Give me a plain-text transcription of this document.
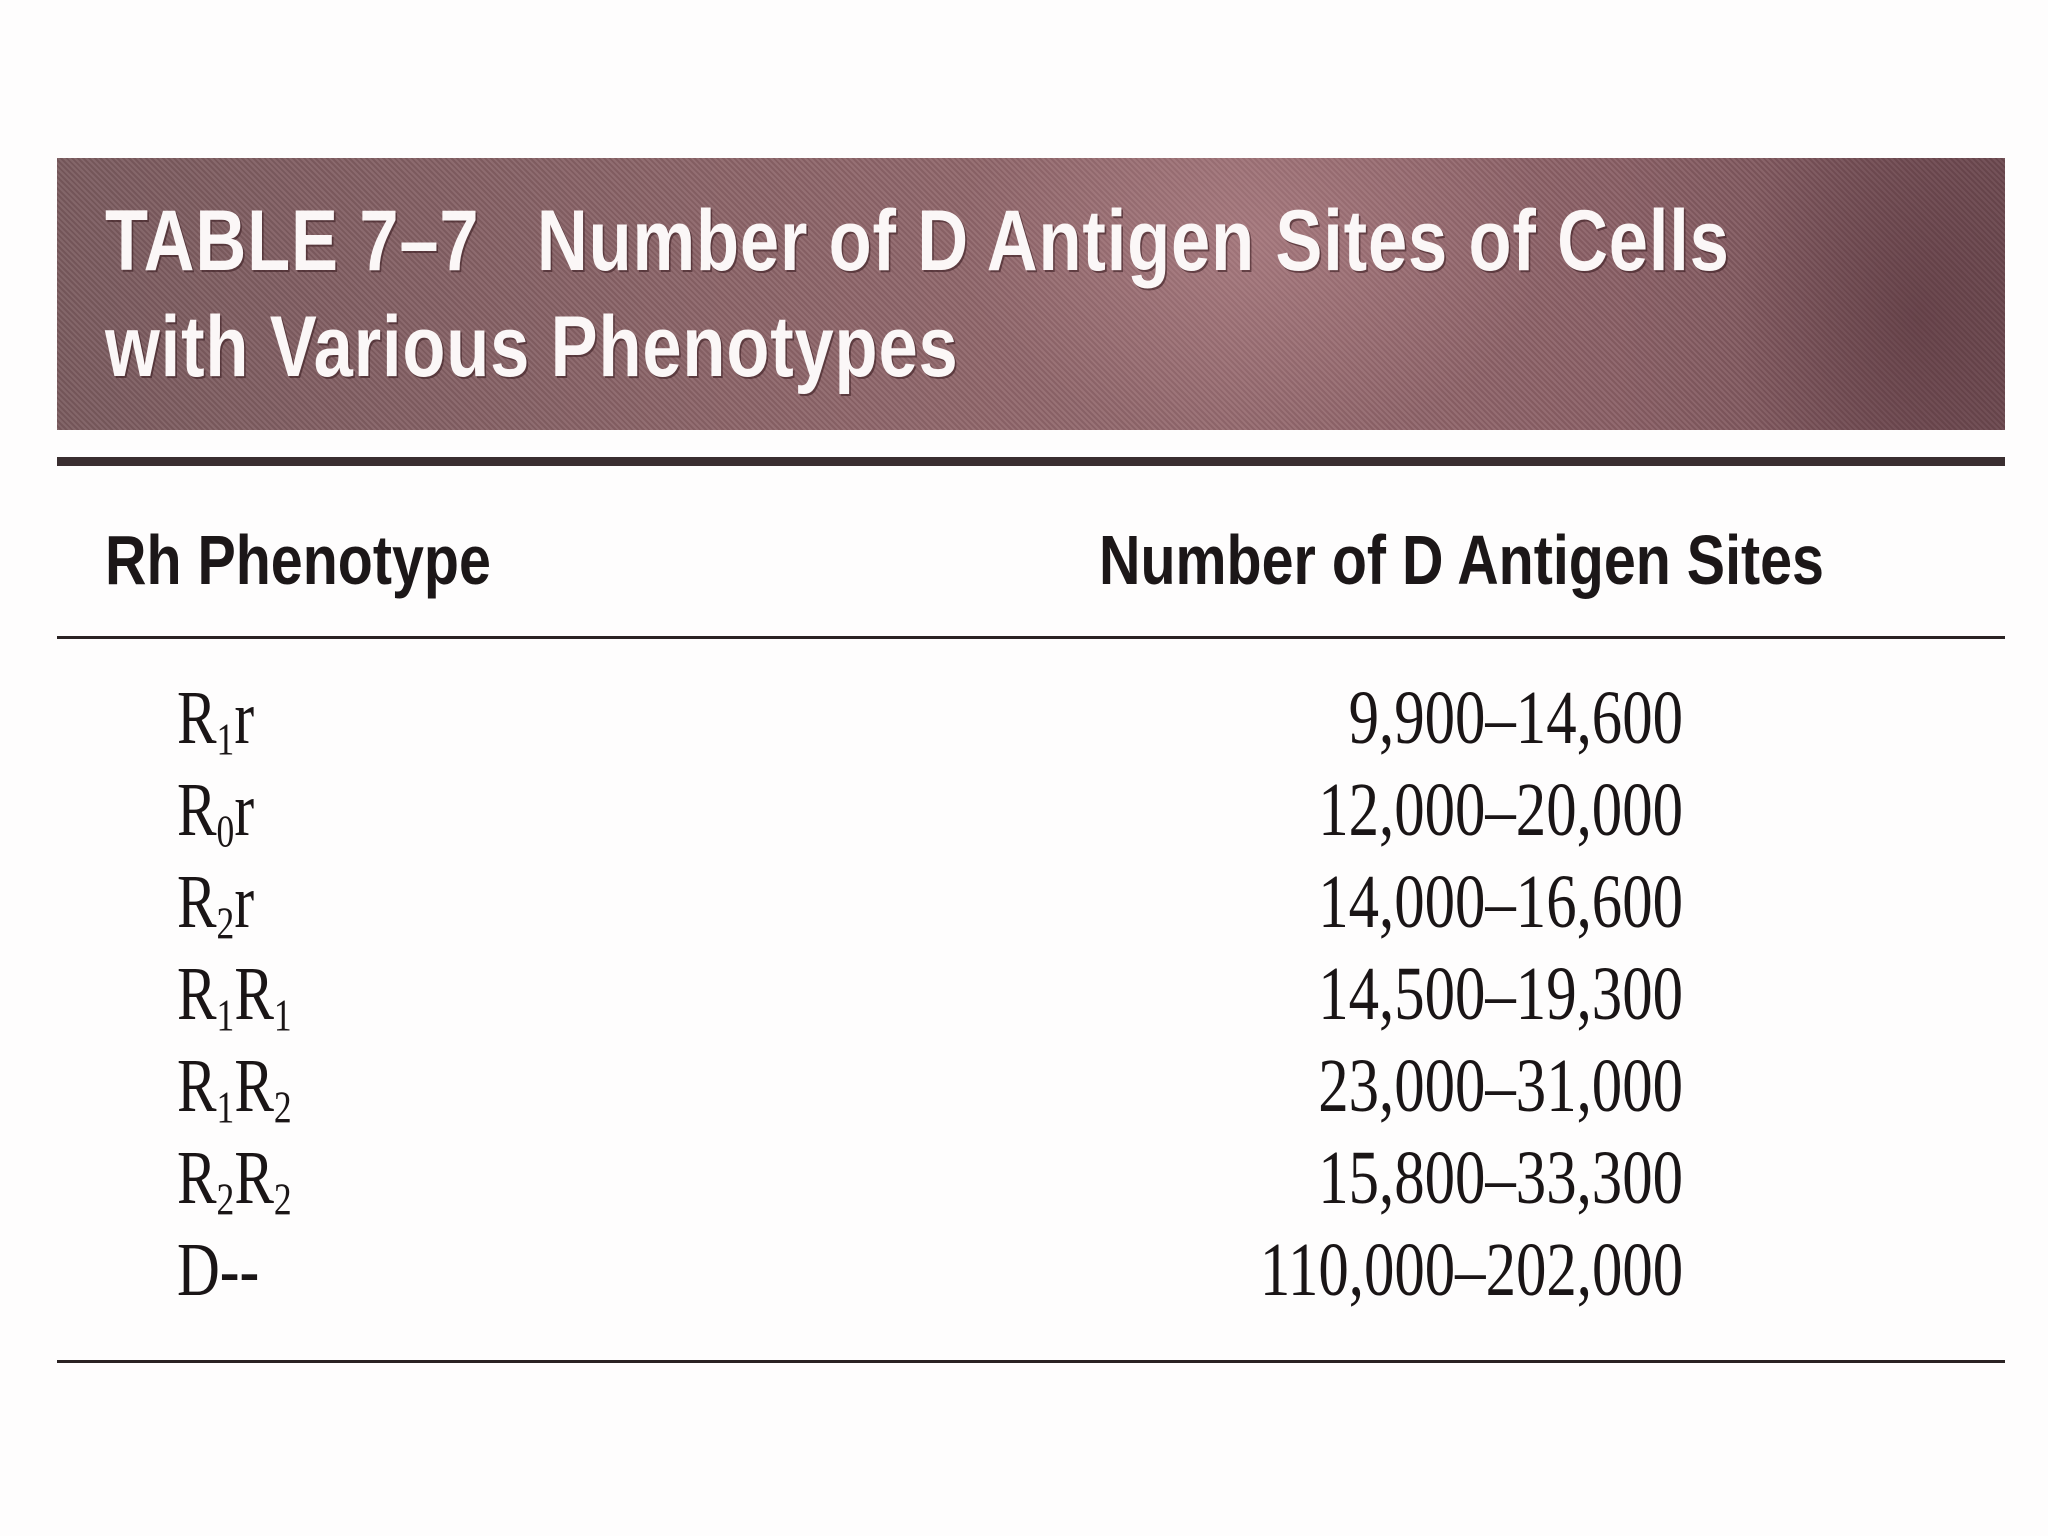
TABLE 7–7 Number of D Antigen Sites of Cells
with Various Phenotypes
Rh Phenotype	Number of D Antigen Sites
$R_1r$	9,900–14,600
$R_0r$	12,000–20,000
$R_2r$	14,000–16,600
$R_1R_1$	14,500–19,300
$R_1R_2$	23,000–31,000
$R_2R_2$	15,800–33,300
D--	110,000–202,000
